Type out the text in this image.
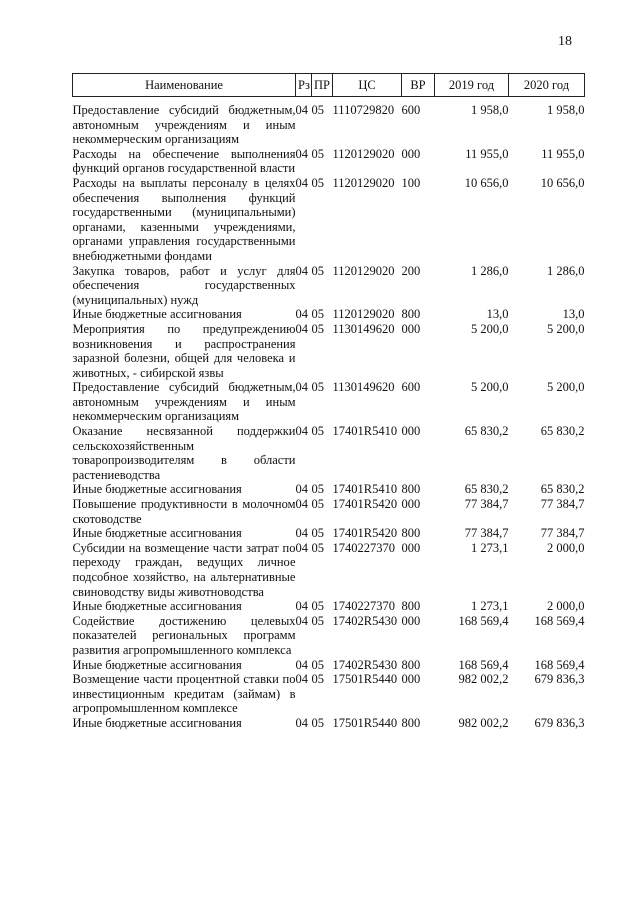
18
Наименование	Рз	ПР	ЦС	ВР	2019 год	2020 год

Предоставление субсидий бюджетным, автономным учреждениям и иным некоммерческим организациям	04	05	1110729820	600	1 958,0	1 958,0
Расходы на обеспечение выполнения функций органов государственной власти	04	05	1120129020	000	11 955,0	11 955,0
Расходы на выплаты персоналу в целях обеспечения выполнения функций государственными (муниципальными) органами, казенными учреждениями, органами управления государственными внебюджетными фондами	04	05	1120129020	100	10 656,0	10 656,0
Закупка товаров, работ и услуг для обеспечения государственных (муниципальных) нужд	04	05	1120129020	200	1 286,0	1 286,0
Иные бюджетные ассигнования	04	05	1120129020	800	13,0	13,0
Мероприятия по предупреждению возникновения и распространения заразной болезни, общей для человека и животных, - сибирской язвы	04	05	1130149620	000	5 200,0	5 200,0
Предоставление субсидий бюджетным, автономным учреждениям и иным некоммерческим организациям	04	05	1130149620	600	5 200,0	5 200,0
Оказание несвязанной поддержки сельскохозяйственным товаропроизводителям в области растениеводства	04	05	17401R5410	000	65 830,2	65 830,2
Иные бюджетные ассигнования	04	05	17401R5410	800	65 830,2	65 830,2
Повышение продуктивности в молочном скотоводстве	04	05	17401R5420	000	77 384,7	77 384,7
Иные бюджетные ассигнования	04	05	17401R5420	800	77 384,7	77 384,7
Субсидии на возмещение части затрат по переходу граждан, ведущих личное подсобное хозяйство, на альтернативные свиноводству виды животноводства	04	05	1740227370	000	1 273,1	2 000,0
Иные бюджетные ассигнования	04	05	1740227370	800	1 273,1	2 000,0
Содействие достижению целевых показателей региональных программ развития агропромышленного комплекса	04	05	17402R5430	000	168 569,4	168 569,4
Иные бюджетные ассигнования	04	05	17402R5430	800	168 569,4	168 569,4
Возмещение части процентной ставки по инвестиционным кредитам (займам) в агропромышленном комплексе	04	05	17501R5440	000	982 002,2	679 836,3
Иные бюджетные ассигнования	04	05	17501R5440	800	982 002,2	679 836,3
